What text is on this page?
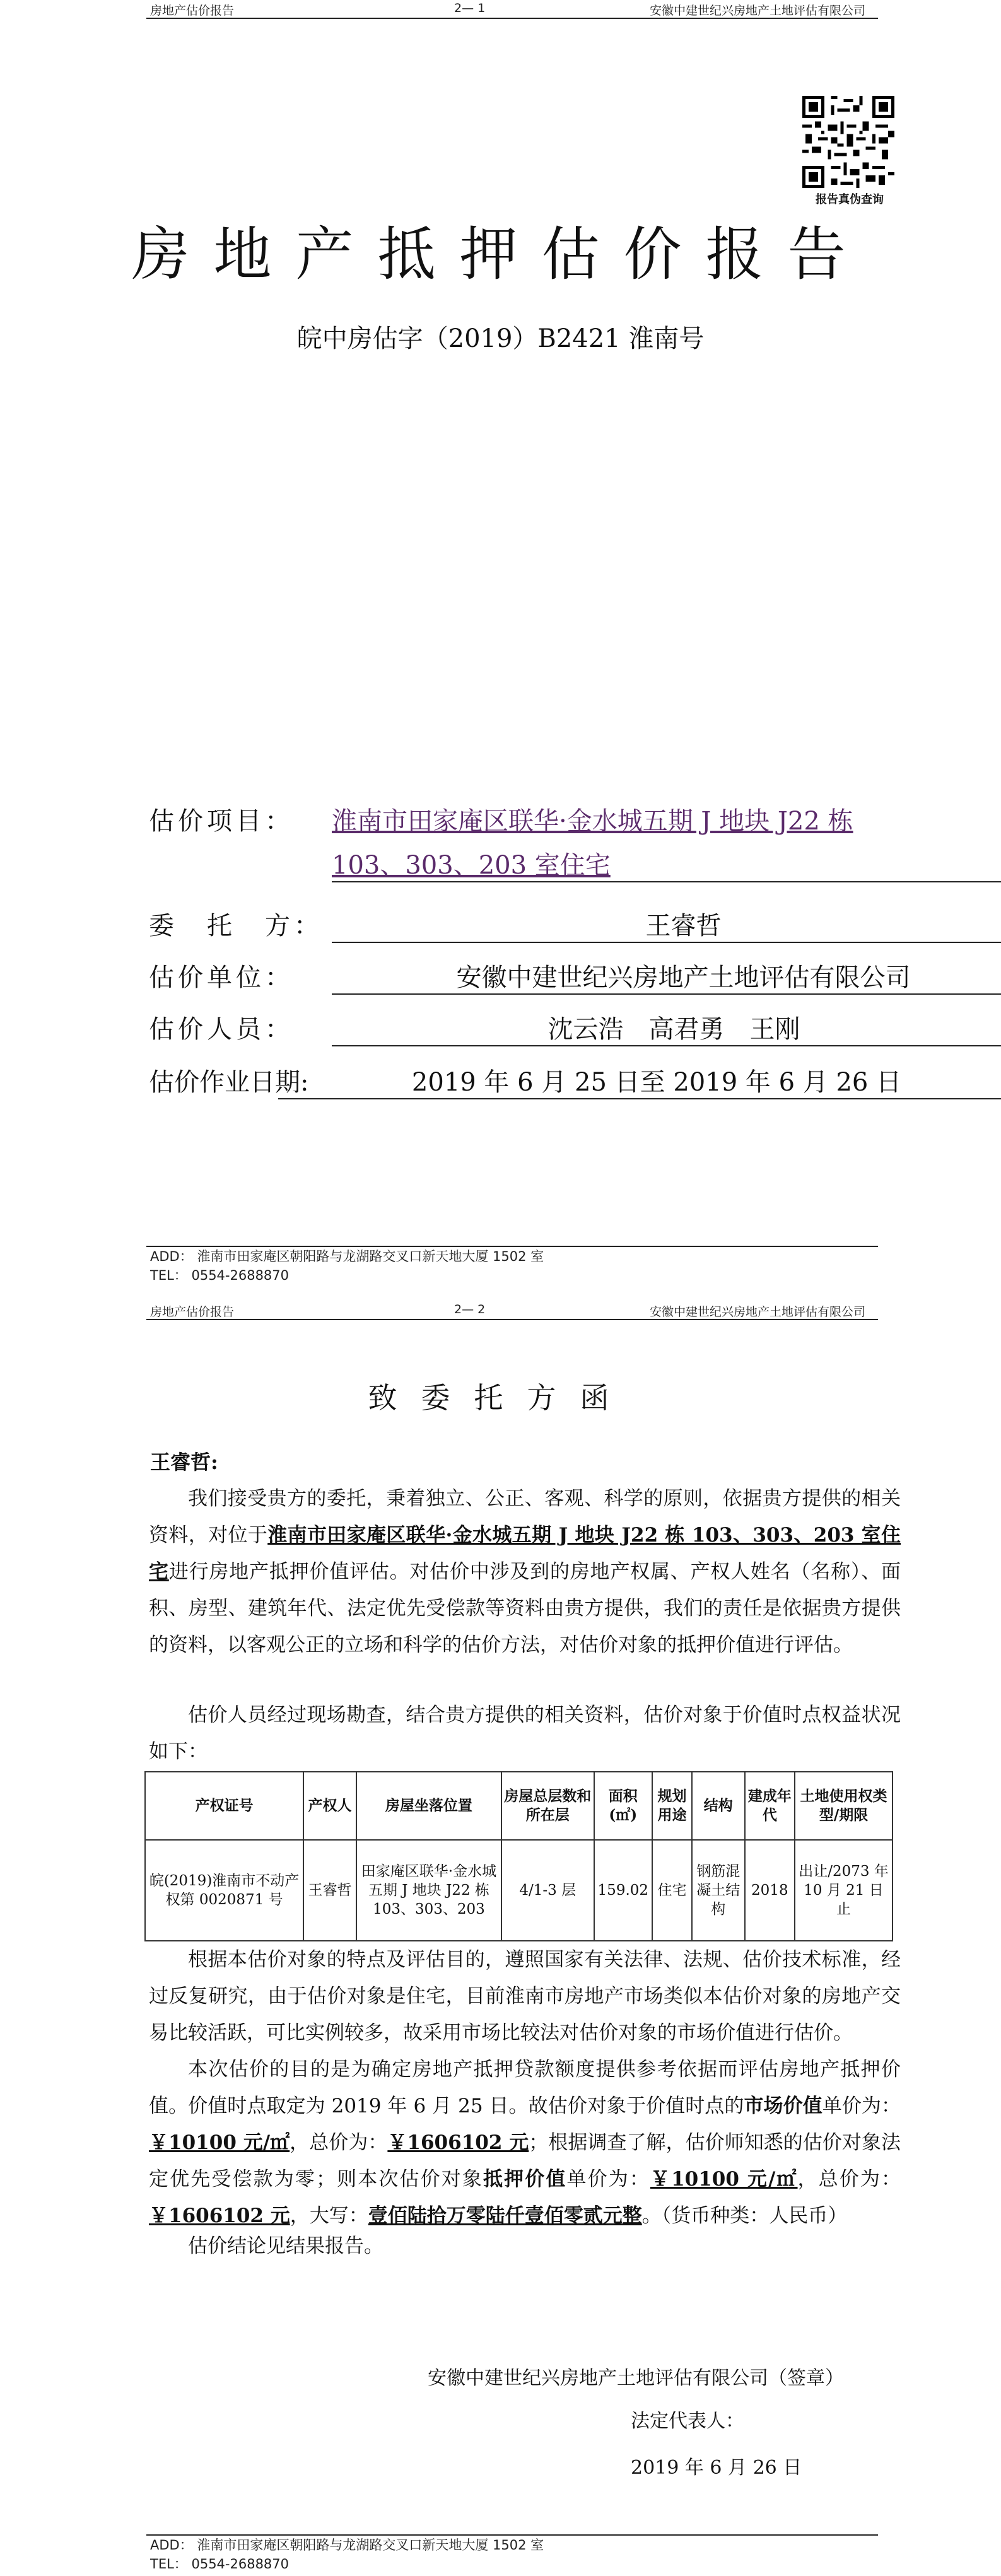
房地产估价报告	2— 1	安徽中建世纪兴房地产土地评估有限公司
报告真伪查询
房地产抵押估价报告
皖中房估字（2019）B2421 淮南号
估价项目： 淮南市田家庵区联华·金水城五期 J 地块 J22 栋
103、303、203 室住宅
委　托　方：	王睿哲
估价单位：	安徽中建世纪兴房地产土地评估有限公司
估价人员：	沈云浩　高君勇　王刚
估价作业日期:	2019 年 6 月 25 日至 2019 年 6 月 26 日
ADD： 淮南市田家庵区朝阳路与龙湖路交叉口新天地大厦 1502 室
TEL： 0554-2688870
房地产估价报告	2— 2	安徽中建世纪兴房地产土地评估有限公司
致委托方函
王睿哲:
我们接受贵方的委托，秉着独立、公正、客观、科学的原则，依据贵方提供的相关资料，对位于淮南市田家庵区联华·金水城五期 J 地块 J22 栋 103、303、203 室住宅进行房地产抵押价值评估。对估价中涉及到的房地产权属、产权人姓名（名称）、面积、房型、建筑年代、法定优先受偿款等资料由贵方提供，我们的责任是依据贵方提供的资料，以客观公正的立场和科学的估价方法，对估价对象的抵押价值进行评估。
估价人员经过现场勘查，结合贵方提供的相关资料，估价对象于价值时点权益状况如下：
产权证号	产权人	房屋坐落位置	房屋总层数和所在层	面积(㎡)	规划用途	结构	建成年代	土地使用权类型/期限
皖(2019)淮南市不动产权第 0020871 号	王睿哲	田家庵区联华·金水城五期 J 地块 J22 栋 103、303、203	4/1-3 层	159.02	住宅	钢筋混凝土结构	2018	出让/2073 年 10 月 21 日止
根据本估价对象的特点及评估目的，遵照国家有关法律、法规、估价技术标准，经过反复研究，由于估价对象是住宅，目前淮南市房地产市场类似本估价对象的房地产交易比较活跃，可比实例较多，故采用市场比较法对估价对象的市场价值进行估价。
本次估价的目的是为确定房地产抵押贷款额度提供参考依据而评估房地产抵押价值。价值时点取定为 2019 年 6 月 25 日。故估价对象于价值时点的市场价值单价为：￥10100 元/㎡，总价为：￥1606102 元；根据调查了解，估价师知悉的估价对象法定优先受偿款为零；则本次估价对象抵押价值单价为：￥10100 元/㎡，总价为：￥1606102 元，大写：壹佰陆拾万零陆仟壹佰零贰元整。（货币种类：人民币）
估价结论见结果报告。
安徽中建世纪兴房地产土地评估有限公司（签章）
法定代表人：
2019 年 6 月 26 日
ADD： 淮南市田家庵区朝阳路与龙湖路交叉口新天地大厦 1502 室
TEL： 0554-2688870
